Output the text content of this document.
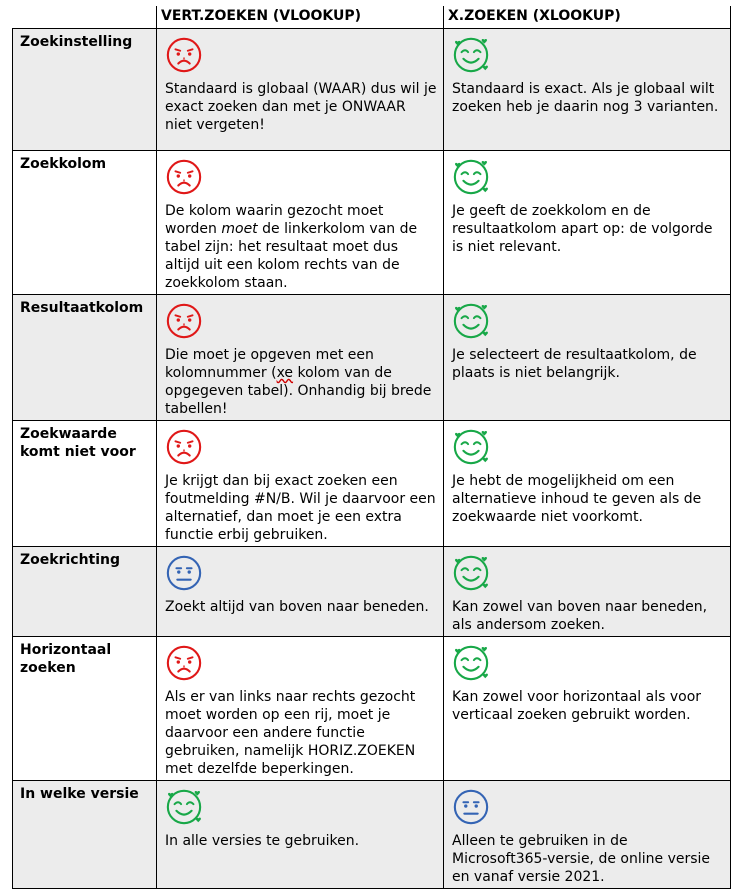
	VERT.ZOEKEN (VLOOKUP)	X.ZOEKEN (XLOOKUP)
Zoekinstelling	Standaard is globaal (WAAR) dus wil je exact zoeken dan met je ONWAAR niet vergeten!	Standaard is exact. Als je globaal wilt zoeken heb je daarin nog 3 varianten.

Zoekkolom	De kolom waarin gezocht moet worden moet de linkerkolom van de tabel zijn: het resultaat moet dus altijd uit een kolom rechts van de zoekkolom staan.	Je geeft de zoekkolom en de resultaatkolom apart op: de volgorde is niet relevant.

Resultaatkolom	Die moet je opgeven met een kolomnummer (xe kolom van de opgegeven tabel). Onhandig bij brede tabellen!	Je selecteert de resultaatkolom, de plaats is niet belangrijk.

Zoekwaarde komt niet voor	Je krijgt dan bij exact zoeken een foutmelding #N/B. Wil je daarvoor een alternatief, dan moet je een extra functie erbij gebruiken.	Je hebt de mogelijkheid om een alternatieve inhoud te geven als de zoekwaarde niet voorkomt.

Zoekrichting	Zoekt altijd van boven naar beneden.	Kan zowel van boven naar beneden, als andersom zoeken.

Horizontaal zoeken	Als er van links naar rechts gezocht moet worden op een rij, moet je daarvoor een andere functie gebruiken, namelijk HORIZ.ZOEKEN met dezelfde beperkingen.	Kan zowel voor horizontaal als voor verticaal zoeken gebruikt worden.

In welke versie	In alle versies te gebruiken.	Alleen te gebruiken in de Microsoft365-versie, de online versie en vanaf versie 2021.
